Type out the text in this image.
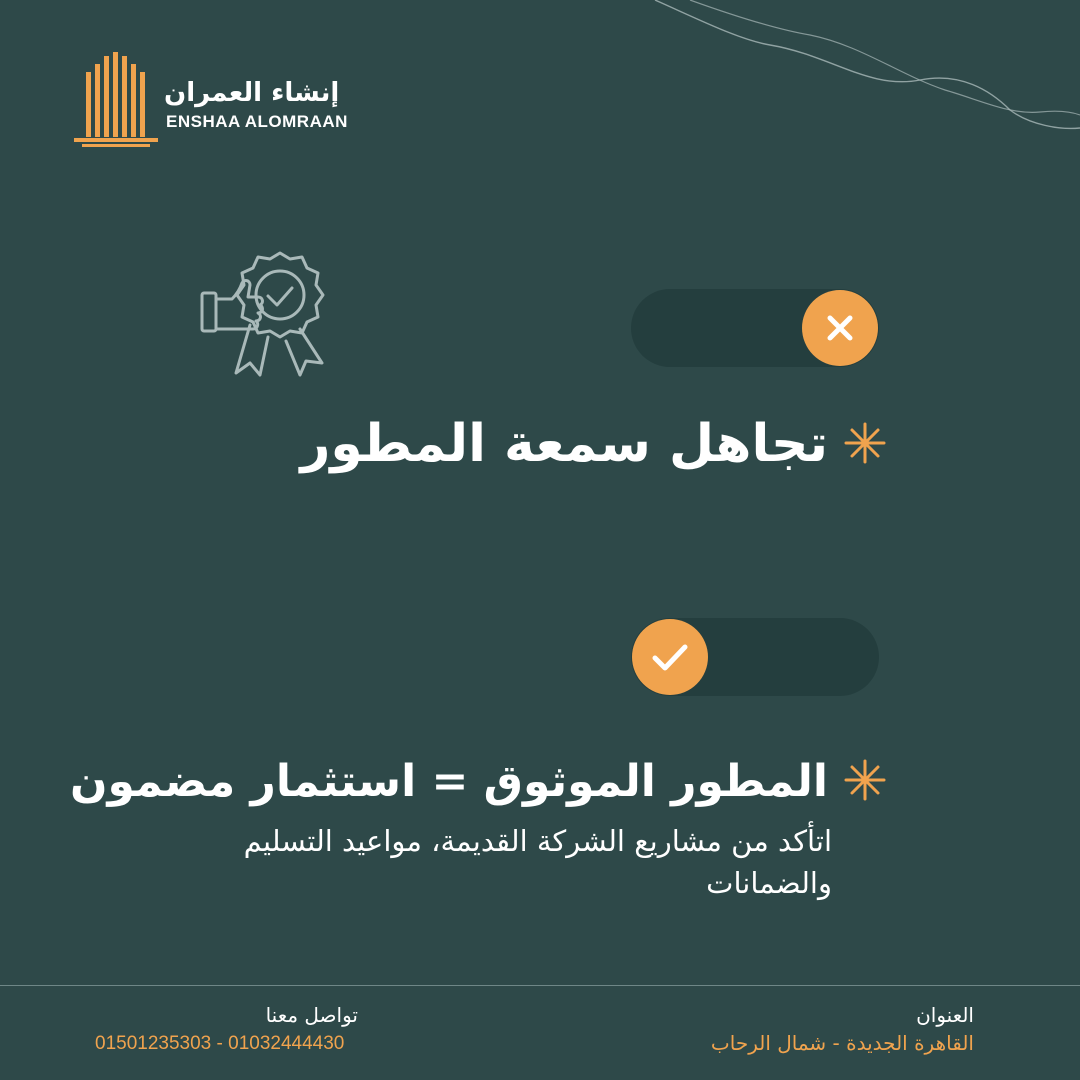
إنشاء العمران
ENSHAA ALOMRAAN
تجاهل سمعة المطور
المطور الموثوق = استثمار مضمون
اتأكد من مشاريع الشركة القديمة، مواعيد التسليم والضمانات
تواصل معنا
01501235303 - 01032444430
العنوان
القاهرة الجديدة - شمال الرحاب
